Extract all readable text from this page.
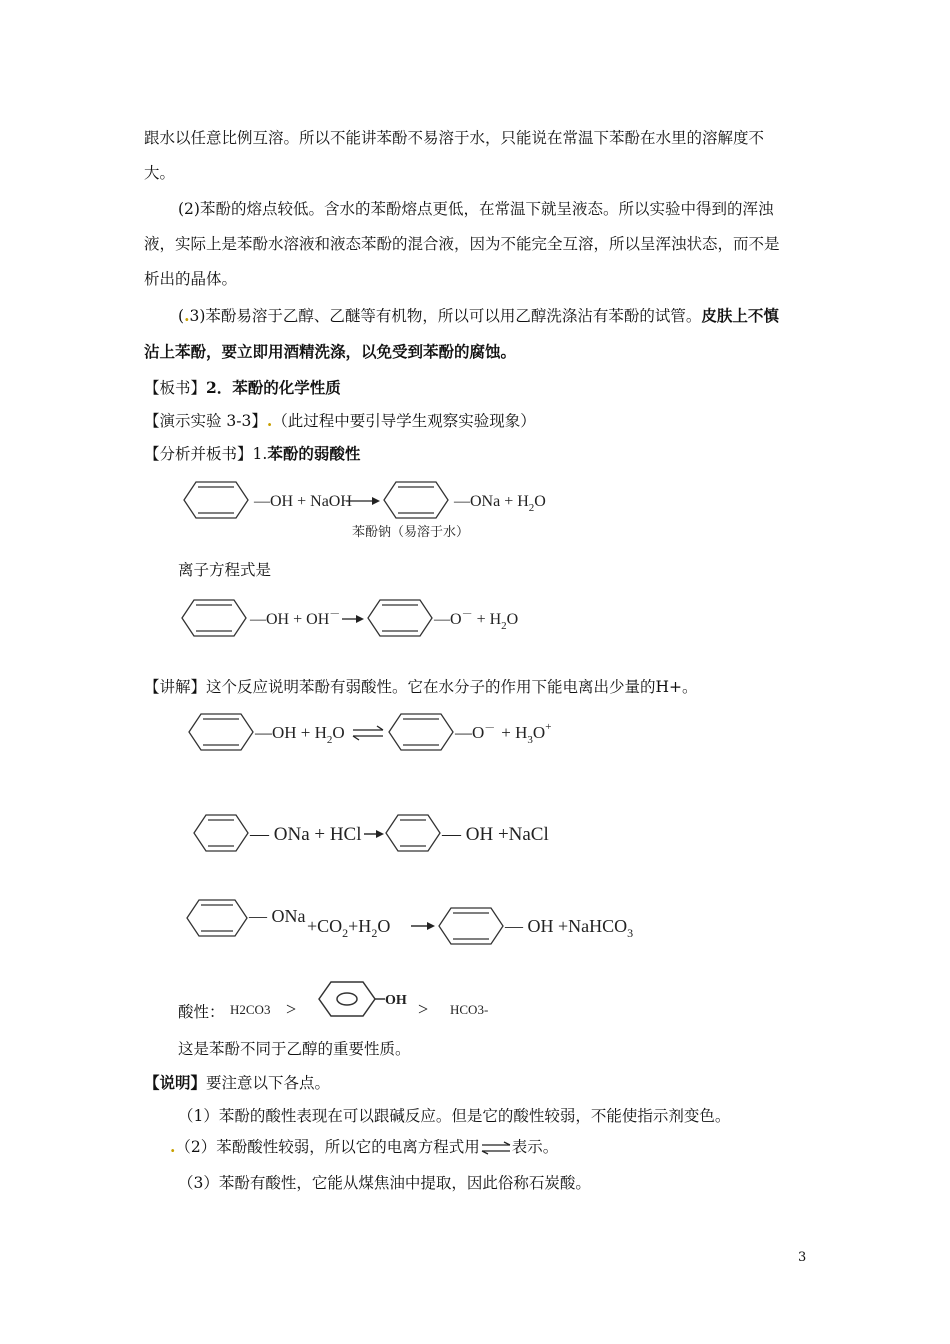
跟水以任意比例互溶。所以不能讲苯酚不易溶于水，只能说在常温下苯酚在水里的溶解度不
大。
(2)苯酚的熔点较低。含水的苯酚熔点更低，在常温下就呈液态。所以实验中得到的浑浊
液，实际上是苯酚水溶液和液态苯酚的混合液，因为不能完全互溶，所以呈浑浊状态，而不是
析出的晶体。
(.3)苯酚易溶于乙醇、乙醚等有机物，所以可以用乙醇洗涤沾有苯酚的试管。皮肤上不慎
沾上苯酚，要立即用酒精洗涤，以免受到苯酚的腐蚀。
【板书】2．苯酚的化学性质
【演示实验 3-3】.（此过程中要引导学生观察实验现象）
【分析并板书】1.苯酚的弱酸性
—OH + NaOH	—ONa + $H_2O$
苯酚钠（易溶于水）
离子方程式是
—OH + OH－	—O－ + $H_2O$
【讲解】这个反应说明苯酚有弱酸性。它在水分子的作用下能电离出少量的H+。
—OH + $H_2O$	—O－ + $H_3O^+$
— ONa + HCl	— OH +NaCl
— ONa $+CO_2+H_2O$	— OH +NaHCO$_3$
酸性： H2CO3 >	OH > HCO3-
这是苯酚不同于乙醇的重要性质。
【说明】要注意以下各点。
（1）苯酚的酸性表现在可以跟碱反应。但是它的酸性较弱，不能使指示剂变色。
.（2）苯酚酸性较弱，所以它的电离方程式用⇌表示。
（3）苯酚有酸性，它能从煤焦油中提取，因此俗称石炭酸。
3
